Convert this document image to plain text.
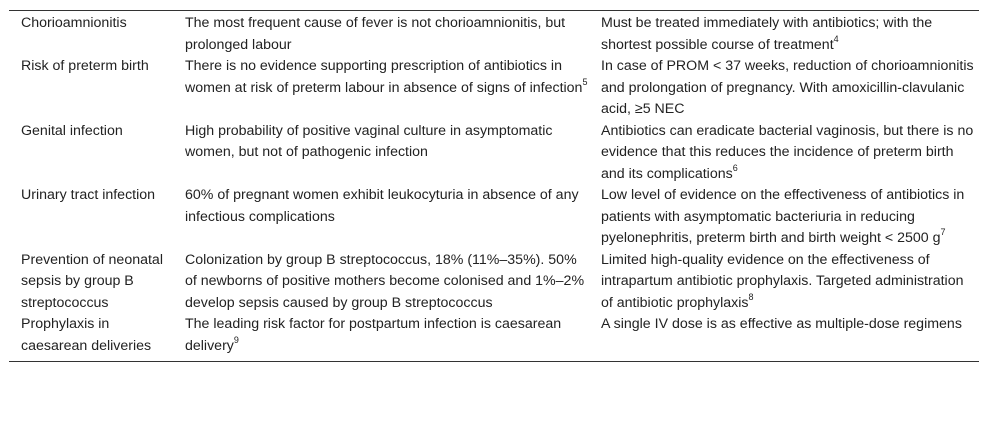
Chorioamnionitis	The most frequent cause of fever is not chorioamnionitis, but prolonged labour	Must be treated immediately with antibiotics; with the shortest possible course of treatment$^4$
Risk of preterm birth	There is no evidence supporting prescription of antibiotics in women at risk of preterm labour in absence of signs of infection$^5$	In case of PROM < 37 weeks, reduction of chorioamnionitis and prolongation of pregnancy. With amoxicillin-clavulanic acid, ≥5 NEC
Genital infection	High probability of positive vaginal culture in asymptomatic women, but not of pathogenic infection	Antibiotics can eradicate bacterial vaginosis, but there is no evidence that this reduces the incidence of preterm birth and its complications$^6$
Urinary tract infection	60% of pregnant women exhibit leukocyturia in absence of any infectious complications	Low level of evidence on the effectiveness of antibiotics in patients with asymptomatic bacteriuria in reducing pyelonephritis, preterm birth and birth weight < 2500 $g^7$
Prevention of neonatal sepsis by group B streptococcus	Colonization by group B streptococcus, 18% (11%–35%). 50% of newborns of positive mothers become colonised and 1%–2% develop sepsis caused by group B streptococcus	Limited high-quality evidence on the effectiveness of intrapartum antibiotic prophylaxis. Targeted administration of antibiotic prophylaxis$^8$
Prophylaxis in caesarean deliveries	The leading risk factor for postpartum infection is caesarean delivery$^9$	A single IV dose is as effective as multiple-dose regimens
